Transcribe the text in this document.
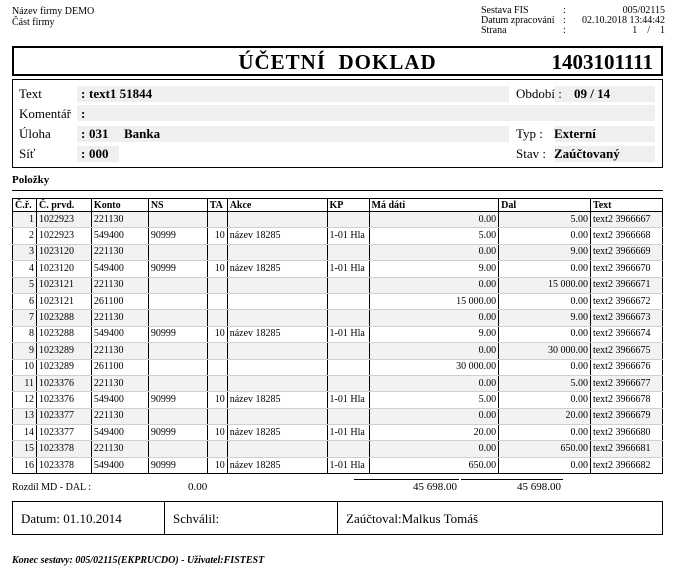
Název firmy DEMO
Část firmy
Sestava FIS	:	005/02115
Datum zpracování :	02.10.2018 13:44:42
Strana	:	1    /    1
ÚČETNÍ  DOKLAD	1403101111
Text	: text1 51844	Období : 09 / 14
Komentář :
Úloha : 031 Banka	Typ : Externí
Síť	: 000	Stav : Zaúčtovaný
Položky
Č.ř.	Č. prvd.	Konto	NS	TA	Akce	KP	Má dáti	Dal	Text
1	1022923	221130					0.00	5.00	text2 3966667
2	1022923	549400	90999	10	název 18285	1-01 Hla	5.00	0.00	text2 3966668
3	1023120	221130					0.00	9.00	text2 3966669
4	1023120	549400	90999	10	název 18285	1-01 Hla	9.00	0.00	text2 3966670
5	1023121	221130					0.00	15 000.00	text2 3966671
6	1023121	261100					15 000.00	0.00	text2 3966672
7	1023288	221130					0.00	9.00	text2 3966673
8	1023288	549400	90999	10	název 18285	1-01 Hla	9.00	0.00	text2 3966674
9	1023289	221130					0.00	30 000.00	text2 3966675
10	1023289	261100					30 000.00	0.00	text2 3966676
11	1023376	221130					0.00	5.00	text2 3966677
12	1023376	549400	90999	10	název 18285	1-01 Hla	5.00	0.00	text2 3966678
13	1023377	221130					0.00	20.00	text2 3966679
14	1023377	549400	90999	10	název 18285	1-01 Hla	20.00	0.00	text2 3966680
15	1023378	221130					0.00	650.00	text2 3966681
16	1023378	549400	90999	10	název 18285	1-01 Hla	650.00	0.00	text2 3966682
Rozdíl MD - DAL :	0.00	45 698.00	45 698.00
Datum: 01.10.2014	Schválil:	Zaúčtoval:Malkus Tomáš
Konec sestavy: 005/02115(EKPRUCDO) - Uživatel:FISTEST
